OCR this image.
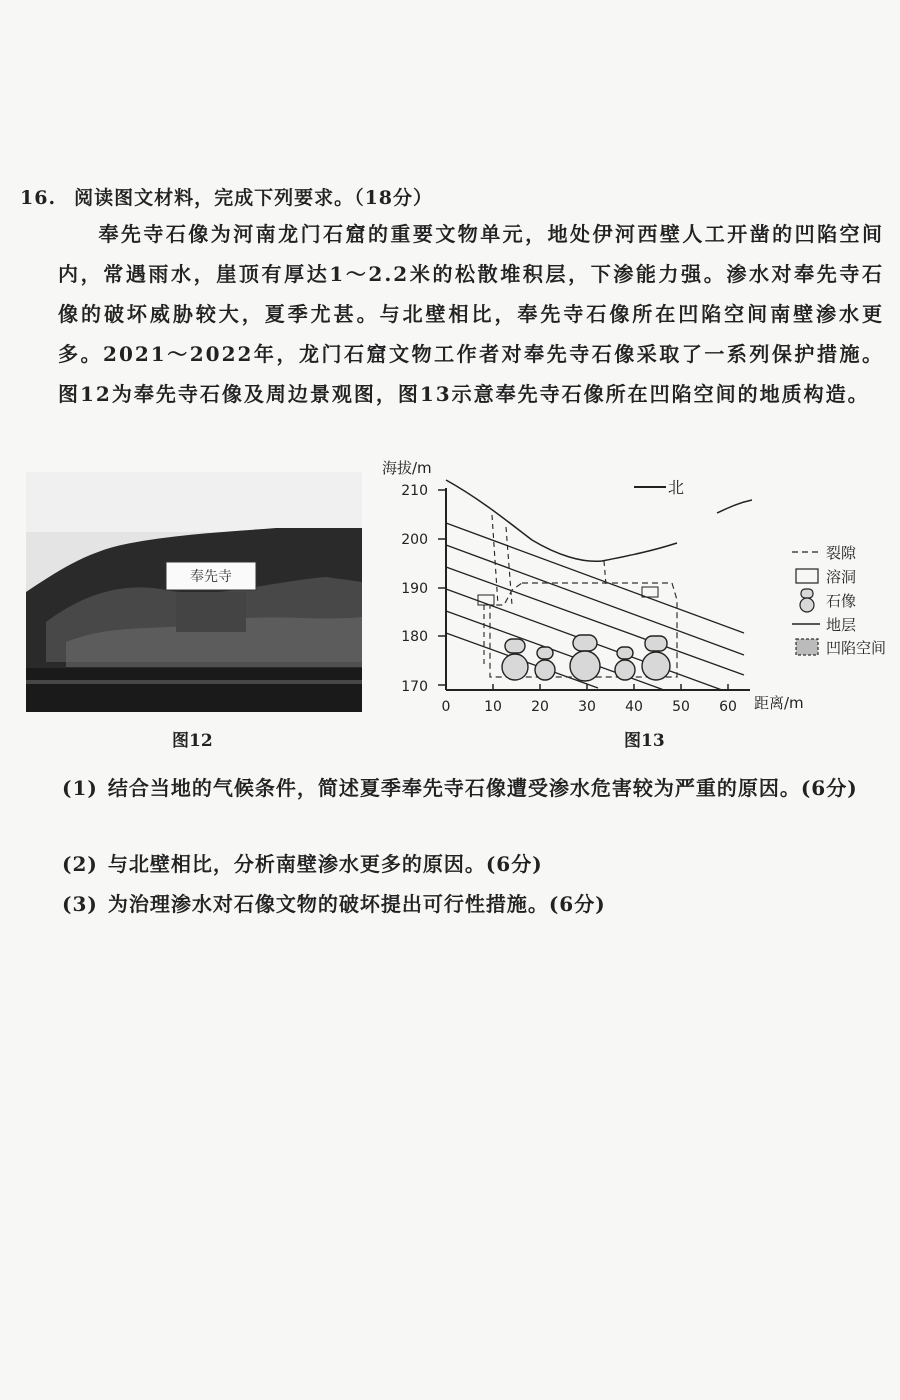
16. 阅读图文材料，完成下列要求。（18分）
奉先寺石像为河南龙门石窟的重要文物单元，地处伊河西壁人工开凿的凹陷空间内，常遇雨水，崖顶有厚达1～2.2米的松散堆积层，下渗能力强。渗水对奉先寺石像的破坏威胁较大，夏季尤甚。与北壁相比，奉先寺石像所在凹陷空间南壁渗水更多。2021～2022年，龙门石窟文物工作者对奉先寺石像采取了一系列保护措施。图12为奉先寺石像及周边景观图，图13示意奉先寺石像所在凹陷空间的地质构造。
奉先寺
图12
海拔/m
距离/m
210
200
190
180
170
0 10 20 30 40 50 60
北
裂隙
溶洞
石像
地层
凹陷空间
图13
(1) 结合当地的气候条件，简述夏季奉先寺石像遭受渗水危害较为严重的原因。(6分)
(2) 与北壁相比，分析南壁渗水更多的原因。(6分)
(3) 为治理渗水对石像文物的破坏提出可行性措施。(6分)
